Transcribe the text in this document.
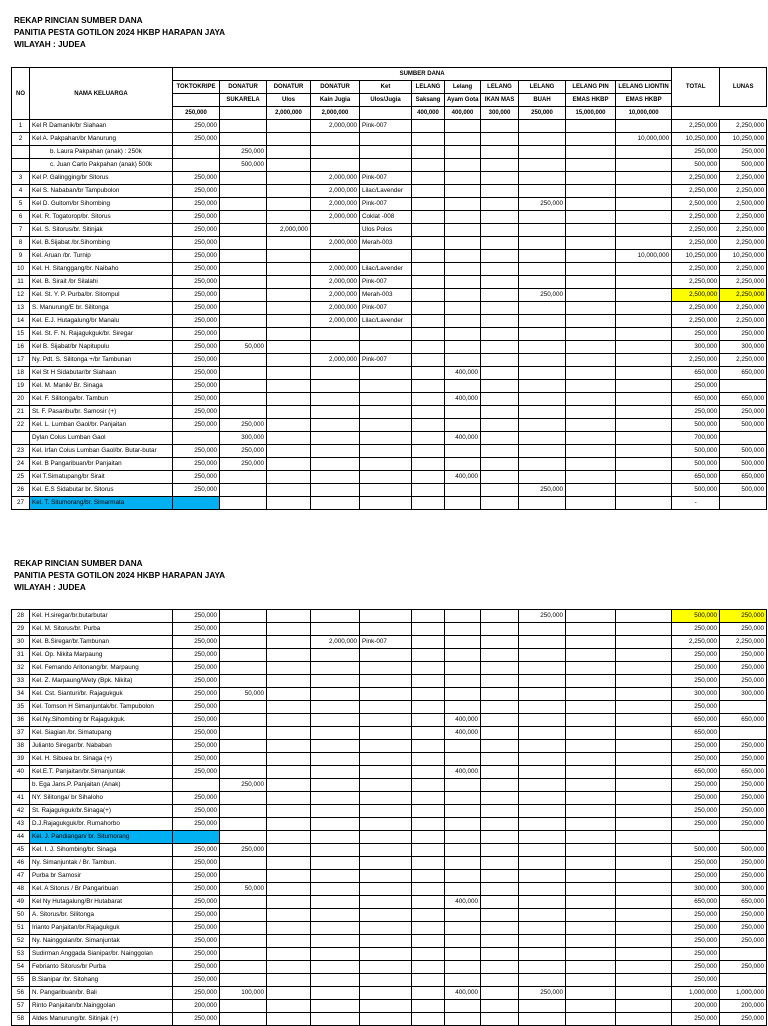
REKAP RINCIAN SUMBER DANA
PANITIA PESTA GOTILON 2024 HKBP HARAPAN JAYA
WILAYAH : JUDEA
NO	NAMA KELUARGA	SUMBER DANA											TOTAL	LUNAS
		TOKTOKRIPE	DONATUR	DONATUR	DONATUR	Ket	LELANG	Lelang	LELANG	LELANG	LELANG PIN	LELANG LIONTIN		
			SUKARELA	Ulos	Kain Jugia	Ulos/Jugia	Saksang	Ayam Gota	IKAN MAS	BUAH	EMAS HKBP	EMAS HKBP		
		250,000		2,000,000	2,000,000		400,000	400,000	300,000	250,000	15,000,000	10,000,000		
1	Kel R Damanik/br Siahaan	250,000			2,000,000	Pink-007							2,250,000	2,250,000
2	Kel A. Pakpahan/br Manurung	250,000										10,000,000	10,250,000	10,250,000
	b. Laura Pakpahan (anak) : 250k		250,000										250,000	250,000
	c. Juan Carlo Pakpahan (anak) 500k		500,000										500,000	500,000
3	Kel P. Galingging/br Sitorus	250,000			2,000,000	Pink-007							2,250,000	2,250,000
4	Kel S. Nababan/br Tampubolon	250,000			2,000,000	Lilac/Lavender							2,250,000	2,250,000
5	Kel D. Gultom/br Sihombing	250,000			2,000,000	Pink-007				250,000			2,500,000	2,500,000
6	Kel. R. Togatorop/br. Sitorus	250,000			2,000,000	Coklat -008							2,250,000	2,250,000
7	Kel. S. Sitorus/br. Sitinjak	250,000		2,000,000		Ulos Polos							2,250,000	2,250,000
8	Kel. B.Sijabat /br.Sihombing	250,000			2,000,000	Merah-003							2,250,000	2,250,000
9	Kel. Aruan /br. Turnip	250,000										10,000,000	10,250,000	10,250,000
10	Kel. H. Sitanggang/br. Naibaho	250,000			2,000,000	Lilac/Lavender							2,250,000	2,250,000
11	Kel. B. Sirait /br Silalahi	250,000			2,000,000	Pink-007							2,250,000	2,250,000
12	Kel. St. Y. P. Purba/br. Sitompul	250,000			2,000,000	Merah-003				250,000			2,500,000	2,250,000
13	S. Manurung/E br. Silitonga	250,000			2,000,000	Pink-007							2,250,000	2,250,000
14	Kel. E.J. Hutagalung/br Manalu	250,000			2,000,000	Lilac/Lavender							2,250,000	2,250,000
15	Kel. St. F. N. Rajagukguk/br. Siregar	250,000											250,000	250,000
16	Kel B. Sijabat/br Napitupulu	250,000	50,000										300,000	300,000
17	Ny. Pdt. S. Silitonga +/br Tambunan	250,000			2,000,000	Pink-007							2,250,000	2,250,000
18	Kel St H Sidabutar/br Siahaan	250,000						400,000					650,000	650,000
19	Kel. M. Manik/ Br. Sinaga	250,000											250,000	
20	Kel. F. Silitonga/br. Tambun	250,000						400,000					650,000	650,000
21	St. F. Pasaribu/br. Samosir (+)	250,000											250,000	250,000
22	Kel. L. Lumban Gaol/br. Panjaitan	250,000	250,000										500,000	500,000
	Dylan Colus Lumban Gaol		300,000					400,000					700,000	
23	Kel. Irfan Colus Lumban Gaol/br. Butar-butar	250,000	250,000										500,000	500,000
24	Kel. B Pangaribuan/br Panjaitan	250,000	250,000										500,000	500,000
25	Kel T.Simatupang/br Sirait	250,000						400,000					650,000	650,000
26	Kel. E.S Sidabutar br. Sitorus	250,000								250,000			500,000	500,000
27	Kel. T. Situmorang/br. Simarmata												-	
REKAP RINCIAN SUMBER DANA
PANITIA PESTA GOTILON 2024 HKBP HARAPAN JAYA
WILAYAH : JUDEA
28	Kel. H.siregar/br.butarbutar	250,000								250,000			500,000	250,000
29	Kel. M. Sitorus/br. Purba	250,000											250,000	250,000
30	Kel. B.Siregar/br.Tambunan	250,000			2,000,000	Pink-007							2,250,000	2,250,000
31	Kel. Op. Nikita Marpaung	250,000											250,000	250,000
32	Kel. Fernando Aritonang/br. Marpaung	250,000											250,000	250,000
33	Kel. Z. Marpaung/Wety (Bpk. Nikita)	250,000											250,000	250,000
34	Kel. Cst. Sianturi/br. Rajagukguk	250,000	50,000										300,000	300,000
35	Kel. Tomson H Simanjuntak/br. Tampubolon	250,000											250,000	
36	Kel.Ny.Sihombing br Rajagukguk.	250,000						400,000					650,000	650,000
37	Kel. Siagian /br. Simatupang	250,000						400,000					650,000	
38	Julianto Siregar/br. Nababan	250,000											250,000	250,000
39	Kel. H. Sibuea br. Sinaga (+)	250,000											250,000	250,000
40	Kel.E.T. Panjaitan/br.Simanjuntak	250,000						400,000					650,000	650,000
	b. Ega Jans.P. Panjaitan (Anak)		250,000										250,000	250,000
41	NY. Silitonga/ br Sihaloho	250,000											250,000	250,000
42	St. Rajagukguk/br.Sinaga(+)	250,000											250,000	250,000
43	D.J.Rajagukguk/br. Rumahorbo	250,000											250,000	250,000
44	Kel. J. Pandiangan/ br. Situmorang													
45	Kel. I. J. Sihombing/br. Sinaga	250,000	250,000										500,000	500,000
46	Ny. Simanjuntak / Br. Tambun.	250,000											250,000	250,000
47	Purba br Samosir	250,000											250,000	250,000
48	Kel. A Sitorus / Br Pangaribuan	250,000	50,000										300,000	300,000
49	Kel Ny Hutagalung/Br Hutabarat	250,000						400,000					650,000	650,000
50	A. Sitorus/br. Silitonga	250,000											250,000	250,000
51	Irianto Panjaitan/br.Rajagukguk	250,000											250,000	250,000
52	Ny. Nainggolan/br. Simanjuntak	250,000											250,000	250,000
53	Sudirman Anggada Sianipar/br. Nainggolan	250,000											250,000	
54	Febrianto Sitorus/br Purba	250,000											250,000	250,000
55	B.Sianipar /br. Sitohang	250,000											250,000	
56	N. Pangaribuan/br. Bali	250,000	100,000					400,000		250,000			1,000,000	1,000,000
57	Rinto Panjaitan/br.Nainggolan	200,000											200,000	200,000
58	Aldes Manurung/br. Sitinjak (+)	250,000											250,000	250,000
